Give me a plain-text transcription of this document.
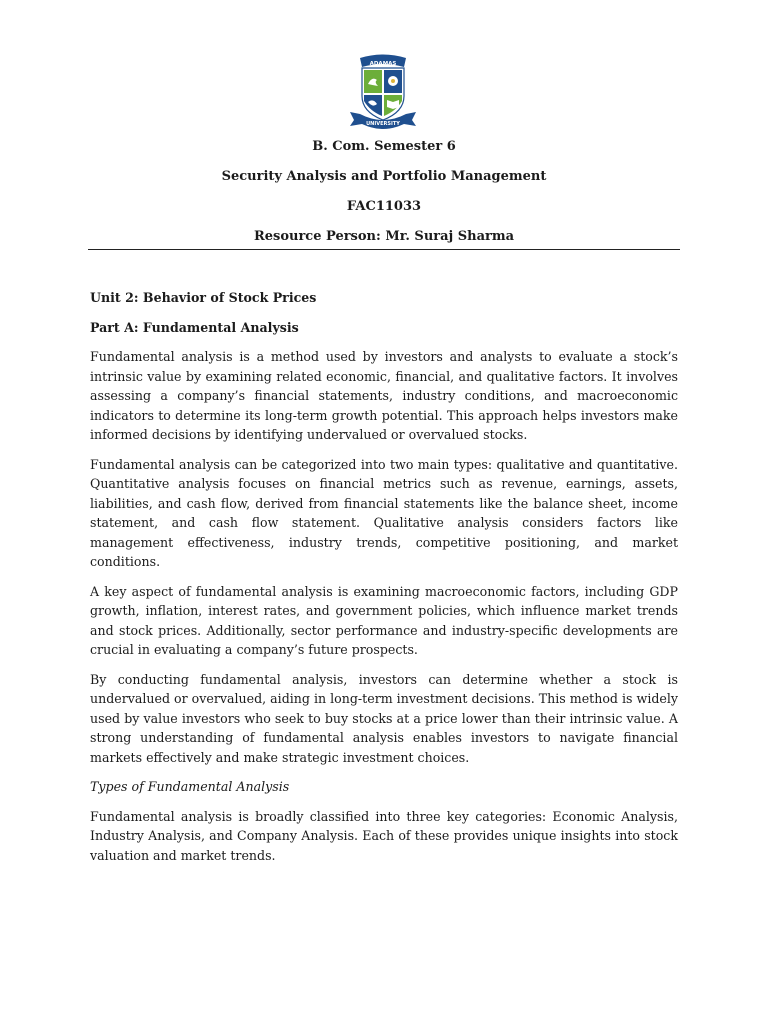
ADAMAS
UNIVERSITY
B. Com. Semester 6
Security Analysis and Portfolio Management
FAC11033
Resource Person: Mr. Suraj Sharma

Unit 2: Behavior of Stock Prices

Part A: Fundamental Analysis

Fundamental analysis is a method used by investors and analysts to evaluate a stock’s intrinsic value by examining related economic, financial, and qualitative factors. It involves assessing a company’s financial statements, industry conditions, and macroeconomic indicators to determine its long-term growth potential. This approach helps investors make informed decisions by identifying undervalued or overvalued stocks.

Fundamental analysis can be categorized into two main types: qualitative and quantitative. Quantitative analysis focuses on financial metrics such as revenue, earnings, assets, liabilities, and cash flow, derived from financial statements like the balance sheet, income statement, and cash flow statement. Qualitative analysis considers factors like management effectiveness, industry trends, competitive positioning, and market conditions.

A key aspect of fundamental analysis is examining macroeconomic factors, including GDP growth, inflation, interest rates, and government policies, which influence market trends and stock prices. Additionally, sector performance and industry-specific developments are crucial in evaluating a company’s future prospects.

By conducting fundamental analysis, investors can determine whether a stock is undervalued or overvalued, aiding in long-term investment decisions. This method is widely used by value investors who seek to buy stocks at a price lower than their intrinsic value. A strong understanding of fundamental analysis enables investors to navigate financial markets effectively and make strategic investment choices.

Types of Fundamental Analysis

Fundamental analysis is broadly classified into three key categories: Economic Analysis, Industry Analysis, and Company Analysis. Each of these provides unique insights into stock valuation and market trends.
